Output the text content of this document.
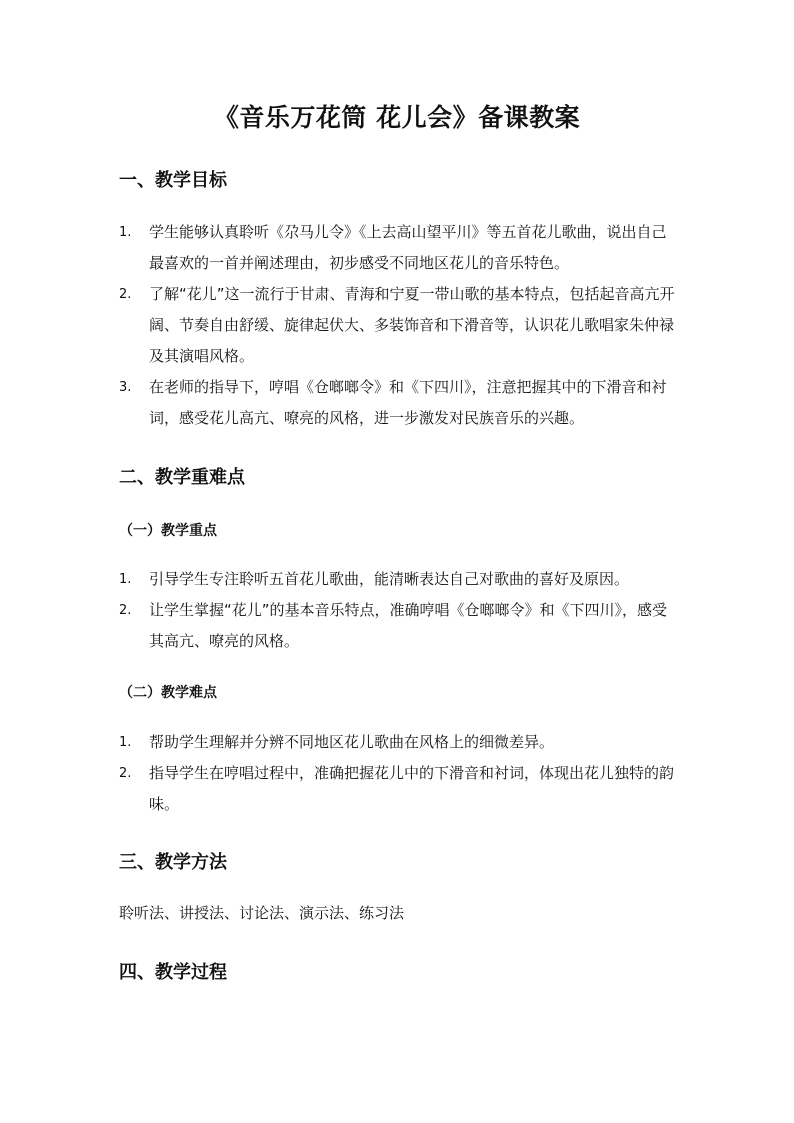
《音乐万花筒 花儿会》备课教案
一、教学目标
1.	学生能够认真聆听《尕马儿令》《上去高山望平川》等五首花儿歌曲，说出自己最喜欢的一首并阐述理由，初步感受不同地区花儿的音乐特色。
2.	了解“花儿”这一流行于甘肃、青海和宁夏一带山歌的基本特点，包括起音高亢开阔、节奏自由舒缓、旋律起伏大、多装饰音和下滑音等，认识花儿歌唱家朱仲禄及其演唱风格。
3.	在老师的指导下，哼唱《仓啷啷令》和《下四川》，注意把握其中的下滑音和衬词，感受花儿高亢、嘹亮的风格，进一步激发对民族音乐的兴趣。
二、教学重难点
（一）教学重点
1.	引导学生专注聆听五首花儿歌曲，能清晰表达自己对歌曲的喜好及原因。
2.	让学生掌握“花儿”的基本音乐特点，准确哼唱《仓啷啷令》和《下四川》，感受其高亢、嘹亮的风格。
（二）教学难点
1.	帮助学生理解并分辨不同地区花儿歌曲在风格上的细微差异。
2.	指导学生在哼唱过程中，准确把握花儿中的下滑音和衬词，体现出花儿独特的韵味。
三、教学方法

聆听法、讲授法、讨论法、演示法、练习法

四、教学过程
